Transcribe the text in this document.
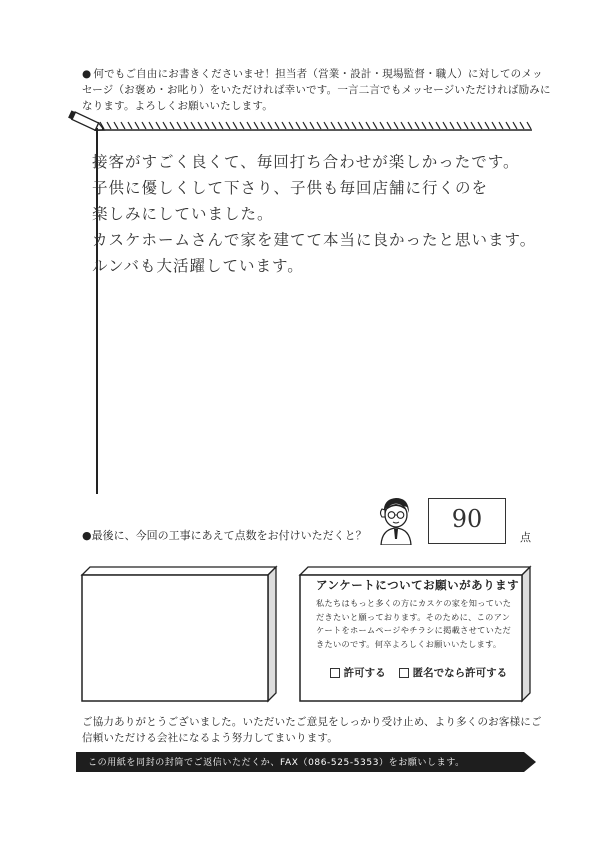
● 何でもご自由にお書きくださいませ！担当者（営業・設計・現場監督・職人）に対してのメッセージ（お褒め・お叱り）をいただければ幸いです。一言二言でもメッセージいただければ励みになります。よろしくお願いいたします。
接客がすごく良くて、毎回打ち合わせが楽しかったです。
子供に優しくして下さり、子供も毎回店舗に行くのを
楽しみにしていました。
カスケホームさんで家を建てて本当に良かったと思います。
ルンバも大活躍しています。
●最後に、今回の工事にあえて点数をお付けいただくと？
90
点
アンケートについてお願いがあります
私たちはもっと多くの方にカスケの家を知っていただきたいと願っております。そのために、このアンケートをホームページやチラシに掲載させていただきたいのです。何卒よろしくお願いいたします。
許可する	匿名でなら許可する
ご協力ありがとうございました。いただいたご意見をしっかり受け止め、より多くのお客様にご信頼いただける会社になるよう努力してまいります。
この用紙を同封の封筒でご返信いただくか、FAX（086-525-5353）をお願いします。
